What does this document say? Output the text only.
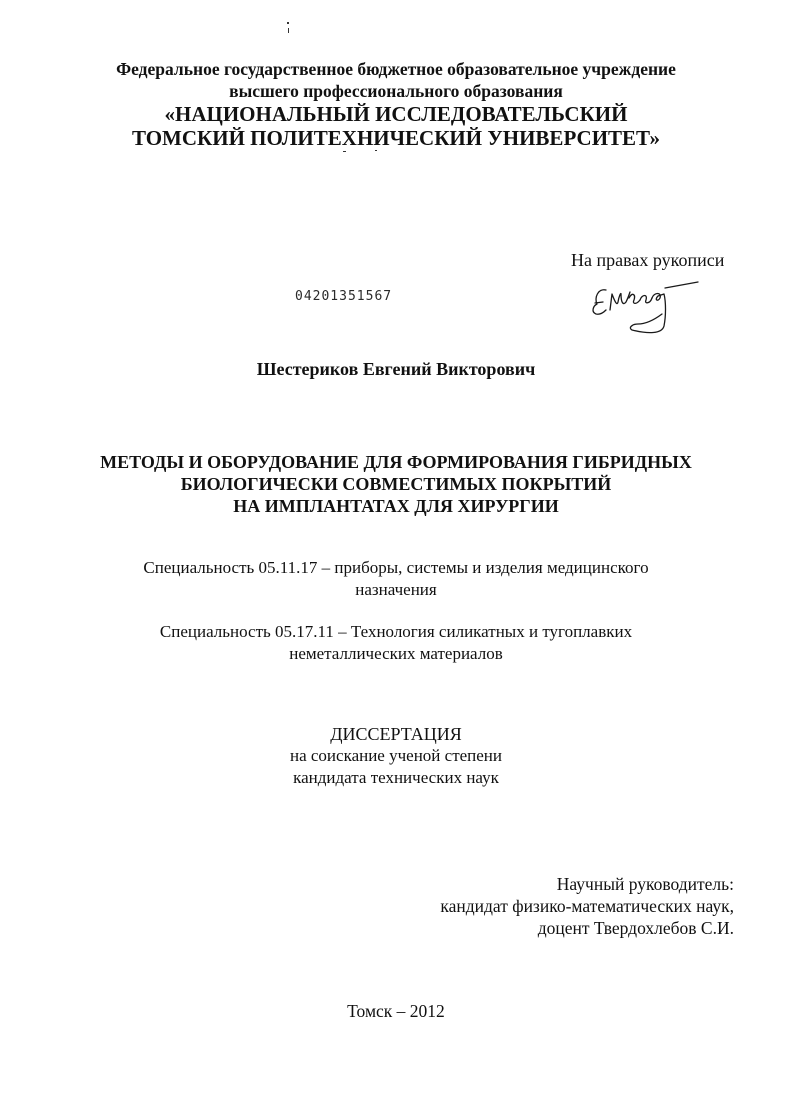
Федеральное государственное бюджетное образовательное учреждение
высшего профессионального образования
«НАЦИОНАЛЬНЫЙ ИССЛЕДОВАТЕЛЬСКИЙ
ТОМСКИЙ ПОЛИТЕХНИЧЕСКИЙ УНИВЕРСИТЕТ»
На правах рукописи
04201351567
Шестериков Евгений Викторович
МЕТОДЫ И ОБОРУДОВАНИЕ ДЛЯ ФОРМИРОВАНИЯ ГИБРИДНЫХ
БИОЛОГИЧЕСКИ СОВМЕСТИМЫХ ПОКРЫТИЙ
НА ИМПЛАНТАТАХ ДЛЯ ХИРУРГИИ
Специальность 05.11.17 – приборы, системы и изделия медицинского
назначения
Специальность 05.17.11 – Технология силикатных и тугоплавких
неметаллических материалов
ДИССЕРТАЦИЯ
на соискание ученой степени
кандидата технических наук
Научный руководитель:
кандидат физико-математических наук,
доцент Твердохлебов С.И.
Томск – 2012
